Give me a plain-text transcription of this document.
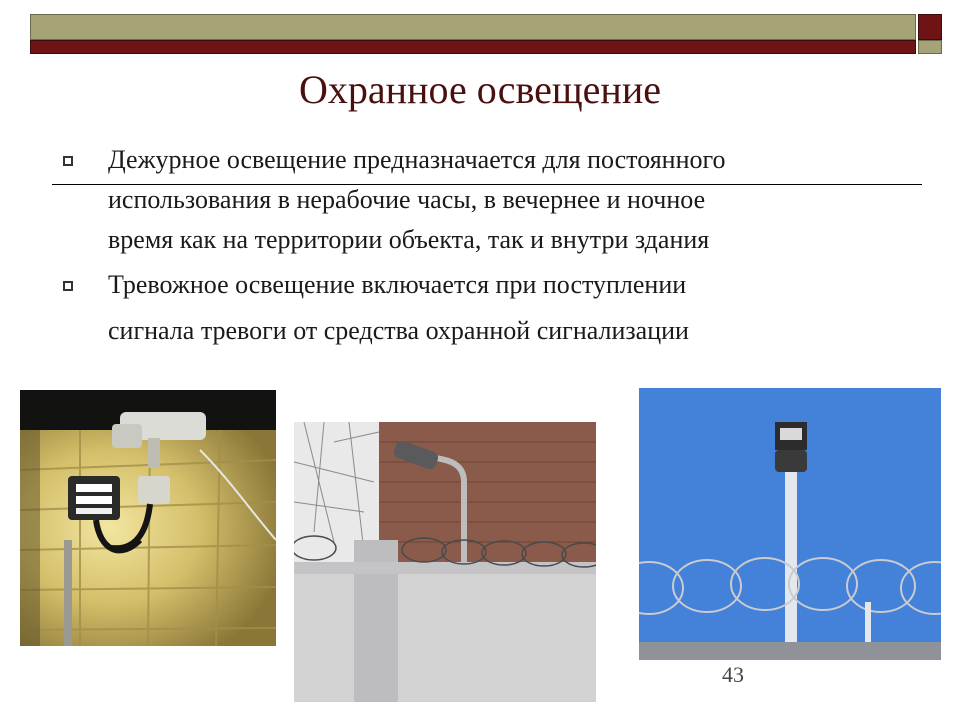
Охранное освещение
Дежурное освещение предназначается для постоянного
использования в нерабочие часы, в вечернее и ночное
время как на территории объекта, так и внутри здания
Тревожное освещение включается при поступлении
сигнала тревоги от средства охранной сигнализации
43
